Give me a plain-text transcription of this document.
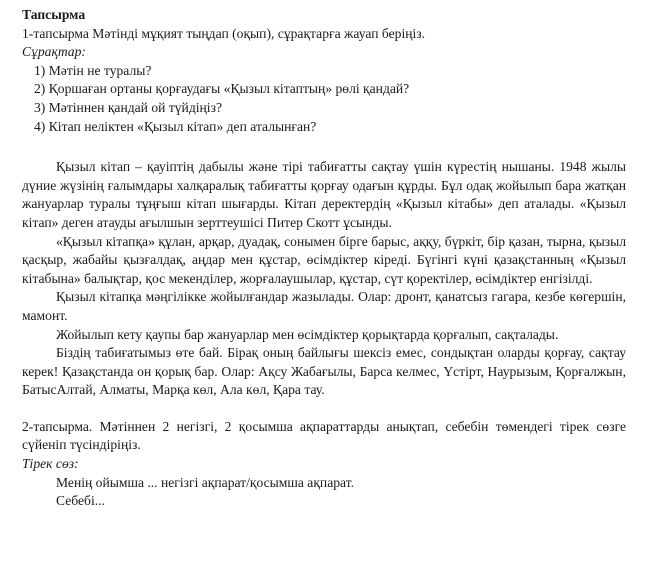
Тапсырма

1-тапсырма Мәтінді мұқият тыңдап (оқып), сұрақтарға жауап беріңіз.

Сұрақтар:

1) Мәтін не туралы?
2) Қоршаған ортаны қорғаудағы «Қызыл кітаптың» рөлі қандай?
3) Мәтіннен қандай ой түйдіңіз?
4) Кітап неліктен «Қызыл кітап» деп аталынған?

Қызыл кітап – қауіптің дабылы және тірі табиғатты сақтау үшін күрестің нышаны. 1948 жылы дүние жүзінің ғалымдары халқаралық табиғатты қорғау одағын құрды. Бұл одақ жойылып бара жатқан жануарлар туралы тұңғыш кітап шығарды. Кітап деректердің «Қызыл кітабы» деп аталады. «Қызыл кітап» деген атауды ағылшын зерттеушісі Питер Скотт ұсынды.

«Қызыл кітапқа» құлан, арқар, дуадақ, сонымен бірге барыс, аққу, бүркіт, бір қазан, тырна, қызыл қасқыр, жабайы қызғалдақ, аңдар мен құстар, өсімдіктер кіреді. Бүгінгі күні қазақстанның «Қызыл кітабына» балықтар, қос мекенділер, жорғалаушылар, құстар, сүт қоректілер, өсімдіктер енгізілді.

Қызыл кітапқа мәңгілікке жойылғандар жазылады. Олар: дронт, қанатсыз гагара, кезбе көгершін, мамонт.

Жойылып кету қаупы бар жануарлар мен өсімдіктер қорықтарда қорғалып, сақталады.

Біздің табиғатымыз өте бай. Бірақ оның байлығы шексіз емес, сондықтан оларды қорғау, сақтау керек! Қазақстанда он қорық бар. Олар: Ақсу Жабағылы, Барса келмес, Үстірт, Наурызым, Қорғалжын, БатысАлтай, Алматы, Марқа көл, Ала көл, Қара тау.

2-тапсырма. Мәтіннен 2 негізгі, 2 қосымша ақпараттарды анықтап, себебін төмендегі тірек сөзге сүйеніп түсіндіріңіз.

Тірек сөз:

Менің ойымша ... негізгі ақпарат/қосымша ақпарат.

Себебі...
